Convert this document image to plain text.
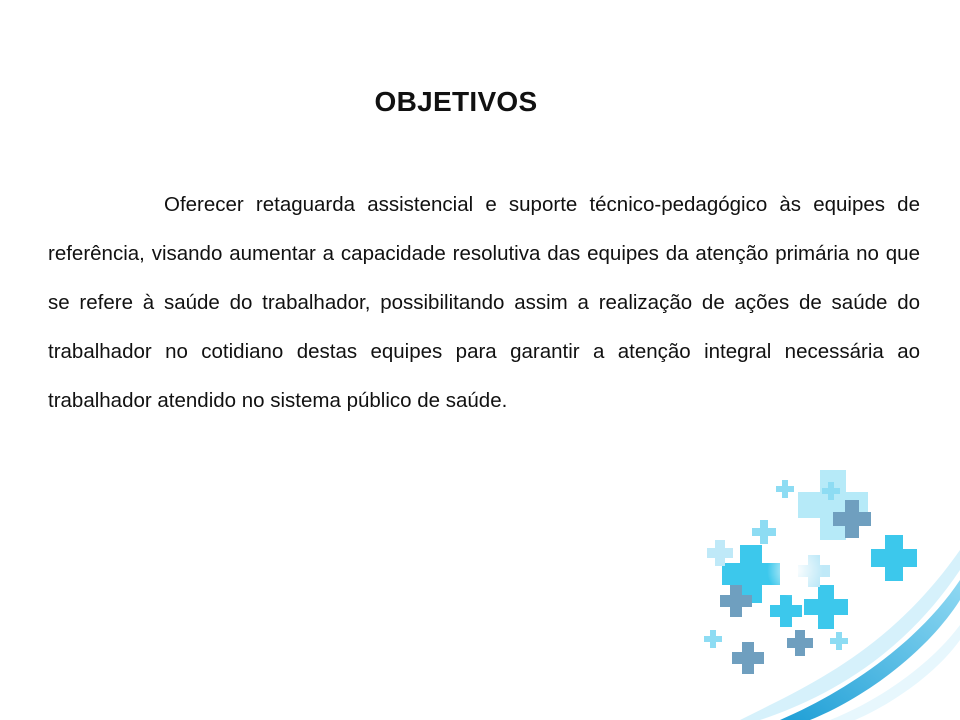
OBJETIVOS

Oferecer retaguarda assistencial e suporte técnico-pedagógico às equipes de referência, visando aumentar a capacidade resolutiva das equipes da atenção primária no que se refere à saúde do trabalhador, possibilitando assim a realização de ações de saúde do trabalhador no cotidiano destas equipes para garantir a atenção integral necessária ao trabalhador atendido no sistema público de saúde.
